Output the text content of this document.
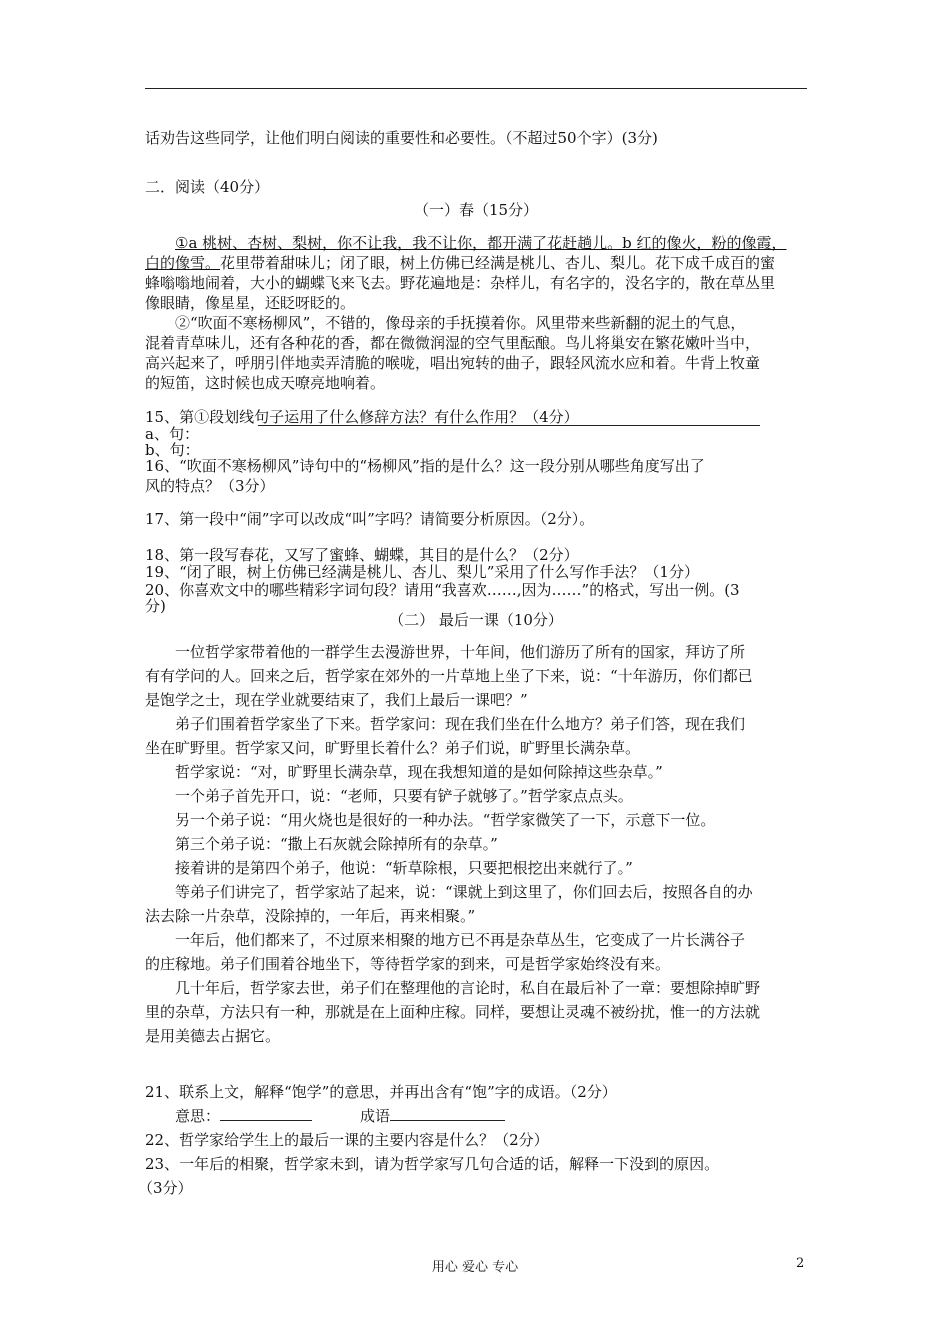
话劝告这些同学，让他们明白阅读的重要性和必要性。（不超过50个字）(3分)
二．阅读（40分）
（一）春（15分）
①a 桃树、杏树、梨树，你不让我，我不让你，都开满了花赶趟儿。b 红的像火，粉的像霞，
白的像雪。花里带着甜味儿；闭了眼，树上仿佛已经满是桃儿、杏儿、梨儿。花下成千成百的蜜
蜂嗡嗡地闹着，大小的蝴蝶飞来飞去。野花遍地是：杂样儿，有名字的，没名字的，散在草丛里
像眼睛，像星星，还眨呀眨的。
②“吹面不寒杨柳风”，不错的，像母亲的手抚摸着你。风里带来些新翻的泥土的气息，
混着青草味儿，还有各种花的香，都在微微润湿的空气里酝酿。鸟儿将巢安在繁花嫩叶当中，
高兴起来了，呼朋引伴地卖弄清脆的喉咙，唱出宛转的曲子，跟轻风流水应和着。牛背上牧童
的短笛，这时候也成天嘹亮地响着。
15、第①段划线句子运用了什么修辞方法？有什么作用？（4分）
a、句：
b、句：
16、“吹面不寒杨柳风”诗句中的“杨柳风”指的是什么？这一段分别从哪些角度写出了
风的特点？（3分）
17、第一段中“闹”字可以改成“叫”字吗？请简要分析原因。（2分）。
18、第一段写春花，又写了蜜蜂、蝴蝶，其目的是什么？（2分）
19、“闭了眼，树上仿佛已经满是桃儿、杏儿、梨儿”采用了什么写作手法？（1分）
20、你喜欢文中的哪些精彩字词句段？请用“我喜欢……,因为……”的格式，写出一例。(3
分)
（二） 最后一课（10分）
一位哲学家带着他的一群学生去漫游世界，十年间，他们游历了所有的国家，拜访了所
有有学问的人。回来之后，哲学家在郊外的一片草地上坐了下来，说：“十年游历，你们都已
是饱学之士，现在学业就要结束了，我们上最后一课吧？”
弟子们围着哲学家坐了下来。哲学家问：现在我们坐在什么地方？弟子们答，现在我们
坐在旷野里。哲学家又问，旷野里长着什么？弟子们说，旷野里长满杂草。
哲学家说：“对，旷野里长满杂草，现在我想知道的是如何除掉这些杂草。”
一个弟子首先开口，说：“老师，只要有铲子就够了。”哲学家点点头。
另一个弟子说：“用火烧也是很好的一种办法。“哲学家微笑了一下，示意下一位。
第三个弟子说：“撒上石灰就会除掉所有的杂草。”
接着讲的是第四个弟子，他说：“斩草除根，只要把根挖出来就行了。”
等弟子们讲完了，哲学家站了起来，说：“课就上到这里了，你们回去后，按照各自的办
法去除一片杂草，没除掉的，一年后，再来相聚。”
一年后，他们都来了，不过原来相聚的地方已不再是杂草丛生，它变成了一片长满谷子
的庄稼地。弟子们围着谷地坐下，等待哲学家的到来，可是哲学家始终没有来。
几十年后，哲学家去世，弟子们在整理他的言论时，私自在最后补了一章：要想除掉旷野
里的杂草，方法只有一种，那就是在上面种庄稼。同样，要想让灵魂不被纷扰，惟一的方法就
是用美德去占据它。
21、联系上文，解释“饱学”的意思，并再出含有“饱”字的成语。（2分）
意思：	成语
22、哲学家给学生上的最后一课的主要内容是什么？（2分）
23、一年后的相聚，哲学家未到，请为哲学家写几句合适的话，解释一下没到的原因。
（3分）
用心 爱心 专心	2
